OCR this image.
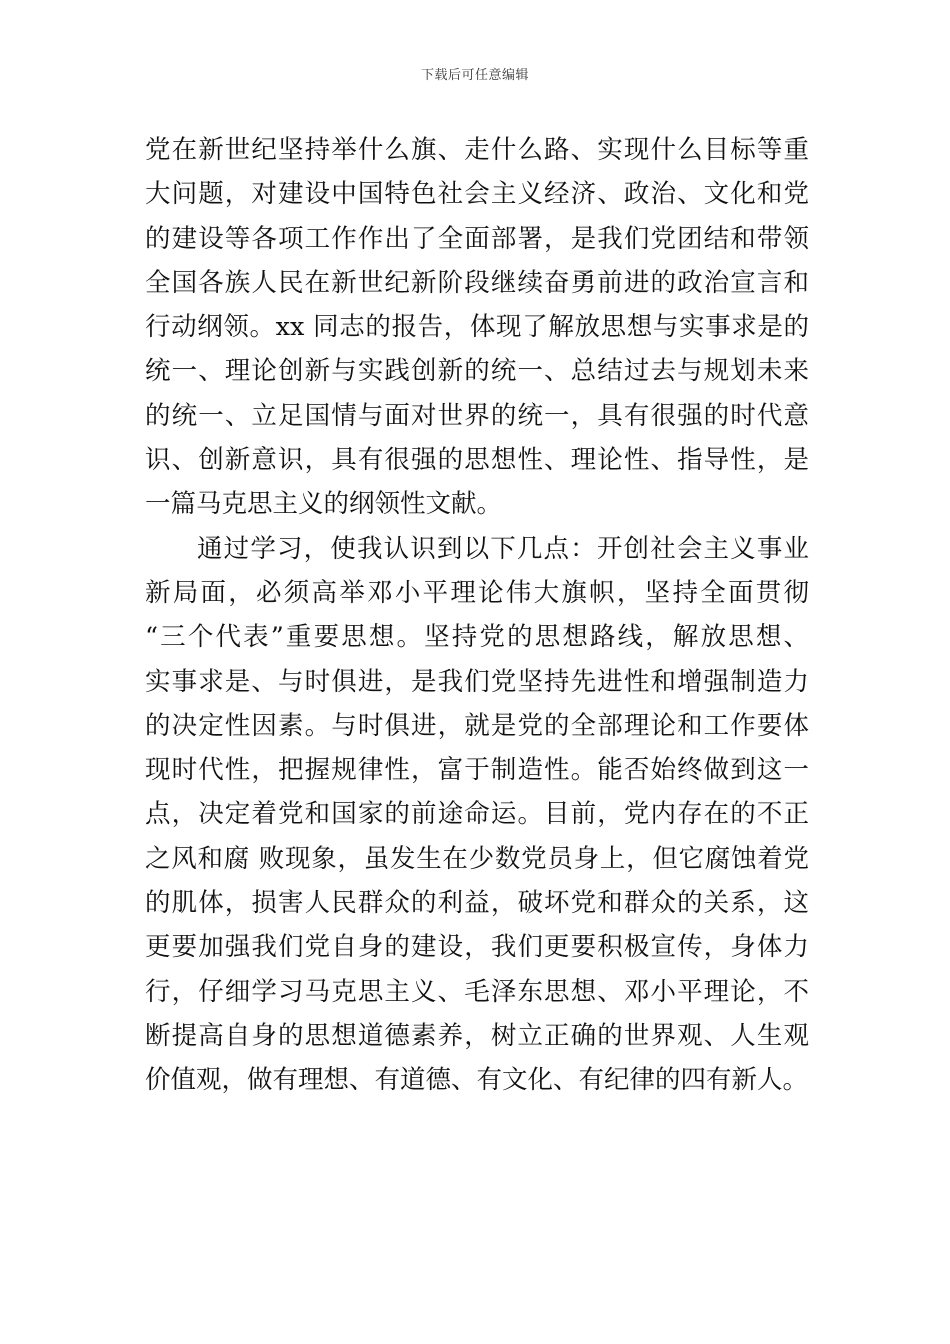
下载后可任意编辑
党在新世纪坚持举什么旗、走什么路、实现什么目标等重
大问题，对建设中国特色社会主义经济、政治、文化和党
的建设等各项工作作出了全面部署，是我们党团结和带领
全国各族人民在新世纪新阶段继续奋勇前进的政治宣言和
行动纲领。xx 同志的报告，体现了解放思想与实事求是的
统一、理论创新与实践创新的统一、总结过去与规划未来
的统一、立足国情与面对世界的统一，具有很强的时代意
识、创新意识，具有很强的思想性、理论性、指导性，是
一篇马克思主义的纲领性文献。
通过学习，使我认识到以下几点：开创社会主义事业
新局面，必须高举邓小平理论伟大旗帜，坚持全面贯彻
“三个代表”重要思想。坚持党的思想路线，解放思想、
实事求是、与时俱进，是我们党坚持先进性和增强制造力
的决定性因素。与时俱进，就是党的全部理论和工作要体
现时代性，把握规律性，富于制造性。能否始终做到这一
点，决定着党和国家的前途命运。目前，党内存在的不正
之风和腐 败现象，虽发生在少数党员身上，但它腐蚀着党
的肌体，损害人民群众的利益，破坏党和群众的关系，这
更要加强我们党自身的建设，我们更要积极宣传，身体力
行，仔细学习马克思主义、毛泽东思想、邓小平理论，不
断提高自身的思想道德素养，树立正确的世界观、人生观
价值观，做有理想、有道德、有文化、有纪律的四有新人。
